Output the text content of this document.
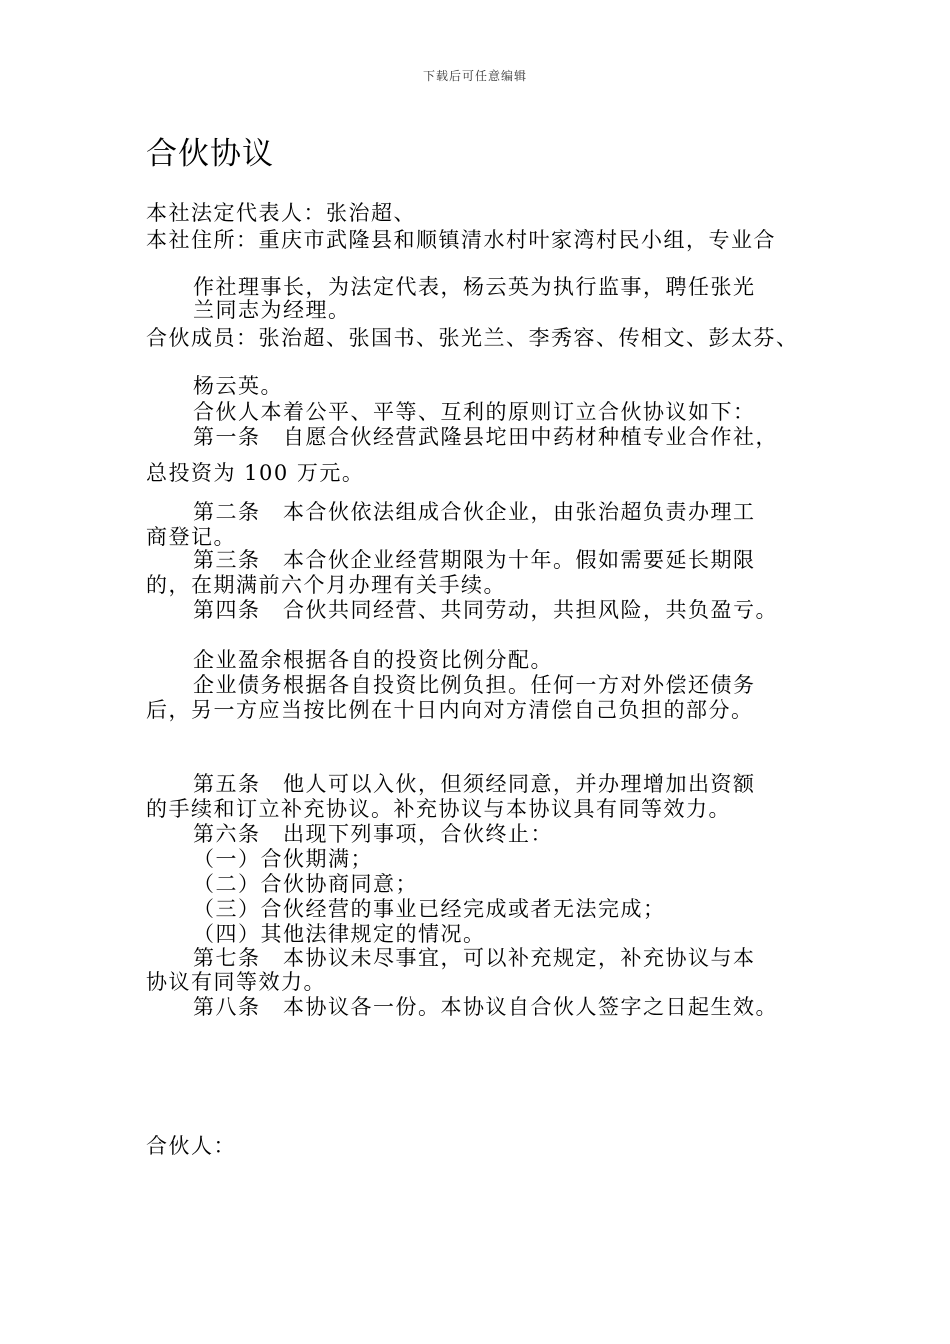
下载后可任意编辑
合伙协议

本社法定代表人：张治超、

本社住所：重庆市武隆县和顺镇清水村叶家湾村民小组，专业合

作社理事长，为法定代表，杨云英为执行监事，聘任张光

兰同志为经理。

合伙成员：张治超、张国书、张光兰、李秀容、传相文、彭太芬、

杨云英。

合伙人本着公平、平等、互利的原则订立合伙协议如下：

第一条　自愿合伙经营武隆县坨田中药材种植专业合作社，

总投资为 100 万元。

第二条　本合伙依法组成合伙企业，由张治超负责办理工

商登记。

第三条　本合伙企业经营期限为十年。假如需要延长期限

的，在期满前六个月办理有关手续。

第四条　合伙共同经营、共同劳动，共担风险，共负盈亏。

企业盈余根据各自的投资比例分配。

企业债务根据各自投资比例负担。任何一方对外偿还债务

后，另一方应当按比例在十日内向对方清偿自己负担的部分。

第五条　他人可以入伙，但须经同意，并办理增加出资额

的手续和订立补充协议。补充协议与本协议具有同等效力。

第六条　出现下列事项，合伙终止：

（一）合伙期满；

（二）合伙协商同意；

（三）合伙经营的事业已经完成或者无法完成；

（四）其他法律规定的情况。

第七条　本协议未尽事宜，可以补充规定，补充协议与本

协议有同等效力。

第八条　本协议各一份。本协议自合伙人签字之日起生效。

合伙人：
